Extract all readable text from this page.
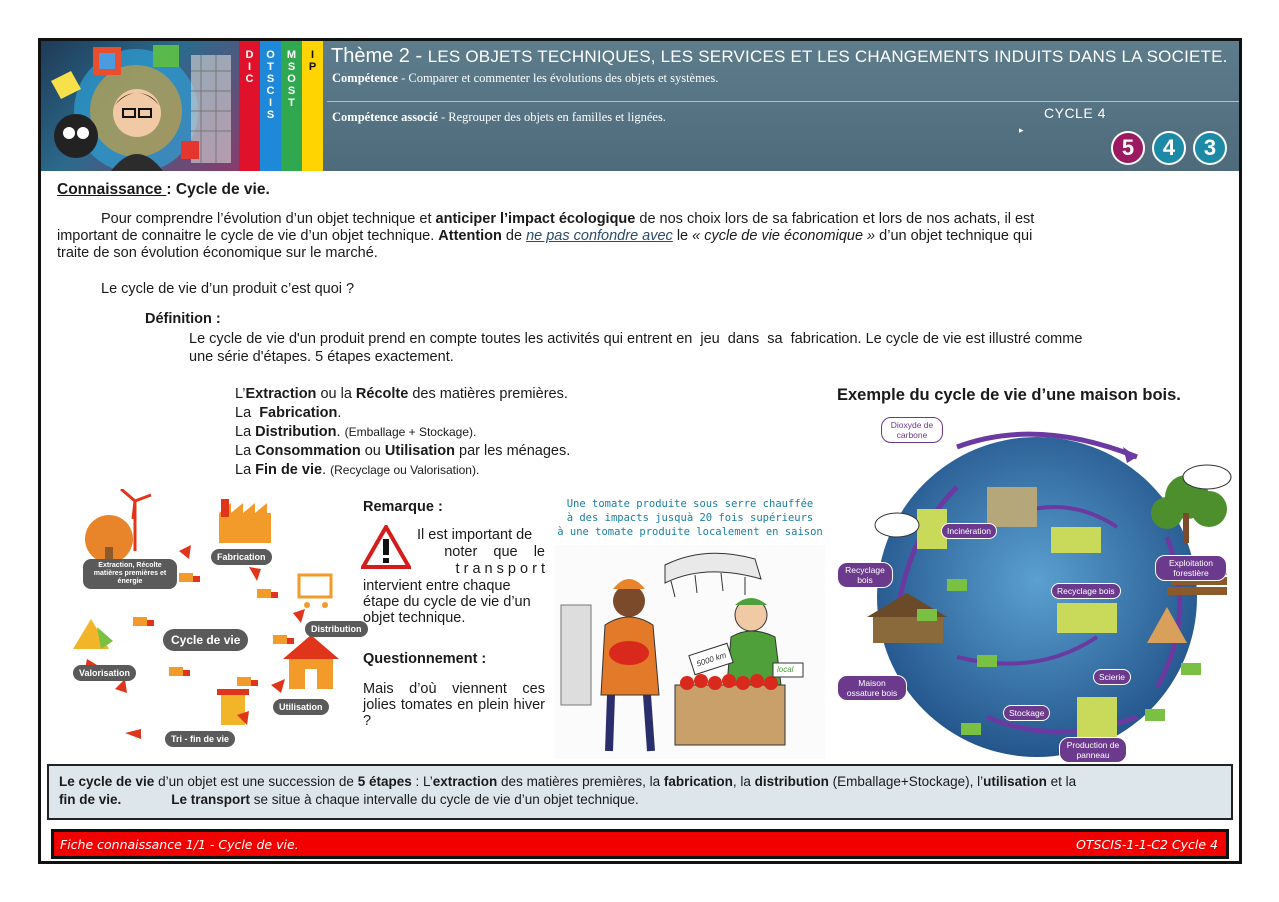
DIC
OTSCIS
MSOST
IP Thème 2 - LES OBJETS TECHNIQUES, LES SERVICES ET LES CHANGEMENTS INDUITS DANS LA SOCIETE.
Compétence - Comparer et commenter les évolutions des objets et systèmes.
Compétence associé - Regrouper des objets en familles et lignées.	CYCLE 4
▸
5	4	3
Connaissance : Cycle de vie.
Pour comprendre l’évolution d’un objet technique et anticiper l’impact écologique de nos choix lors de sa fabrication et lors de nos achats, il est
important de connaitre le cycle de vie d’un objet technique. Attention de ne pas confondre avec le « cycle de vie économique » d’un objet technique qui
traite de son évolution économique sur le marché.
Le cycle de vie d’un produit c’est quoi ?
Définition :
Le cycle de vie d'un produit prend en compte toutes les activités qui entrent en  jeu  dans  sa  fabrication. Le cycle de vie est illustré comme
une série d'étapes. 5 étapes exactement.
L’Extraction ou la Récolte des matières premières.
La  Fabrication.
La Distribution. (Emballage + Stockage).
La Consommation ou Utilisation par les ménages.
La Fin de vie. (Recyclage ou Valorisation).
Exemple du cycle de vie d’une maison bois.
Extraction, Récolte matières premières et énergie
Fabrication
Distribution
Cycle de vie
Utilisation
Valorisation
Tri - fin de vie
Remarque :
Il est important de
noter    que    le
t r a n s p o r t
intervient entre chaque étape du cycle de vie d’un objet technique.
Questionnement :
Mais d’où viennent ces jolies tomates en plein hiver ?
Une tomate produite sous serre chauffée
à des impacts jusquà 20 fois supérieurs
à une tomate produite localement en saison
5000 km
local
Dioxyde de carbone
Incinération
Recyclage bois
Recyclage bois
Exploitation forestière
Maison ossature bois
Scierie
Stockage
Production de panneau
Le cycle de vie d’un objet est une succession de 5 étapes : L’extraction des matières premières, la fabrication, la distribution (Emballage+Stockage), l’utilisation et la
fin de vie.	Le transport se situe à chaque intervalle du cycle de vie d’un objet technique.
Fiche connaissance 1/1 - Cycle de vie.	OTSCIS-1-1-C2 Cycle 4
